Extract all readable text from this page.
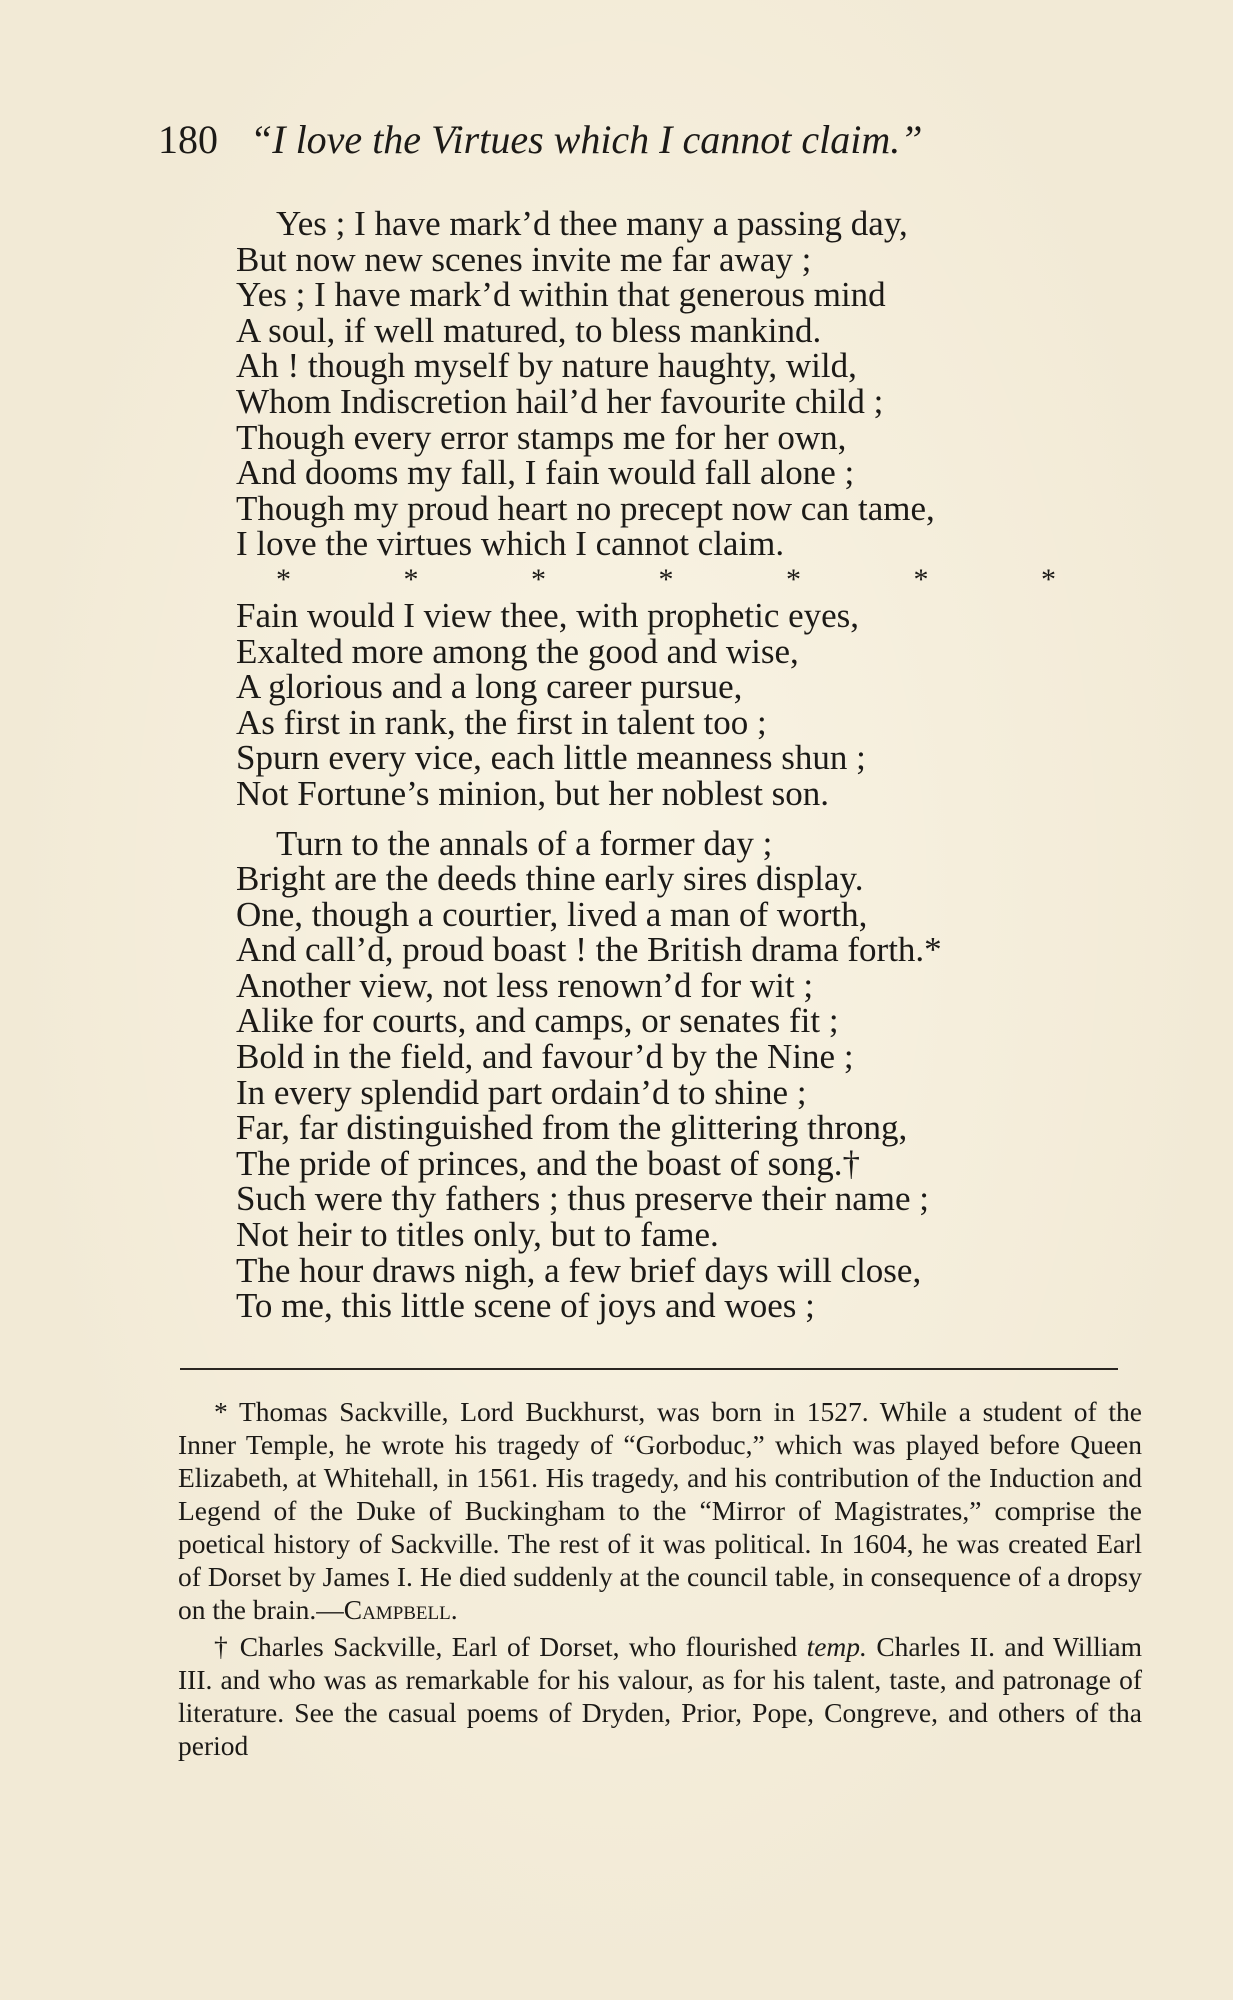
180 “I love the Virtues which I cannot claim.”
Yes ; I have mark’d thee many a passing day,
But now new scenes invite me far away ;
Yes ; I have mark’d within that generous mind
A soul, if well matured, to bless mankind.
Ah ! though myself by nature haughty, wild,
Whom Indiscretion hail’d her favourite child ;
Though every error stamps me for her own,
And dooms my fall, I fain would fall alone ;
Though my proud heart no precept now can tame,
I love the virtues which I cannot claim.
*	*	*	*	*	*	*
Fain would I view thee, with prophetic eyes,
Exalted more among the good and wise,
A glorious and a long career pursue,
As first in rank, the first in talent too ;
Spurn every vice, each little meanness shun ;
Not Fortune’s minion, but her noblest son.
Turn to the annals of a former day ;
Bright are the deeds thine early sires display.
One, though a courtier, lived a man of worth,
And call’d, proud boast ! the British drama forth.*
Another view, not less renown’d for wit ;
Alike for courts, and camps, or senates fit ;
Bold in the field, and favour’d by the Nine ;
In every splendid part ordain’d to shine ;
Far, far distinguished from the glittering throng,
The pride of princes, and the boast of song.†
Such were thy fathers ; thus preserve their name ;
Not heir to titles only, but to fame.
The hour draws nigh, a few brief days will close,
To me, this little scene of joys and woes ;

* Thomas Sackville, Lord Buckhurst, was born in 1527. While a student of the Inner Temple, he wrote his tragedy of “Gorboduc,” which was played before Queen Elizabeth, at Whitehall, in 1561. His tragedy, and his contribution of the Induction and Legend of the Duke of Buckingham to the “Mirror of Magistrates,” comprise the poetical history of Sackville. The rest of it was political. In 1604, he was created Earl of Dorset by James I. He died suddenly at the council table, in consequence of a dropsy on the brain.—Campbell.

† Charles Sackville, Earl of Dorset, who flourished temp. Charles II. and William III. and who was as remarkable for his valour, as for his talent, taste, and patronage of literature. See the casual poems of Dryden, Prior, Pope, Congreve, and others of tha period
